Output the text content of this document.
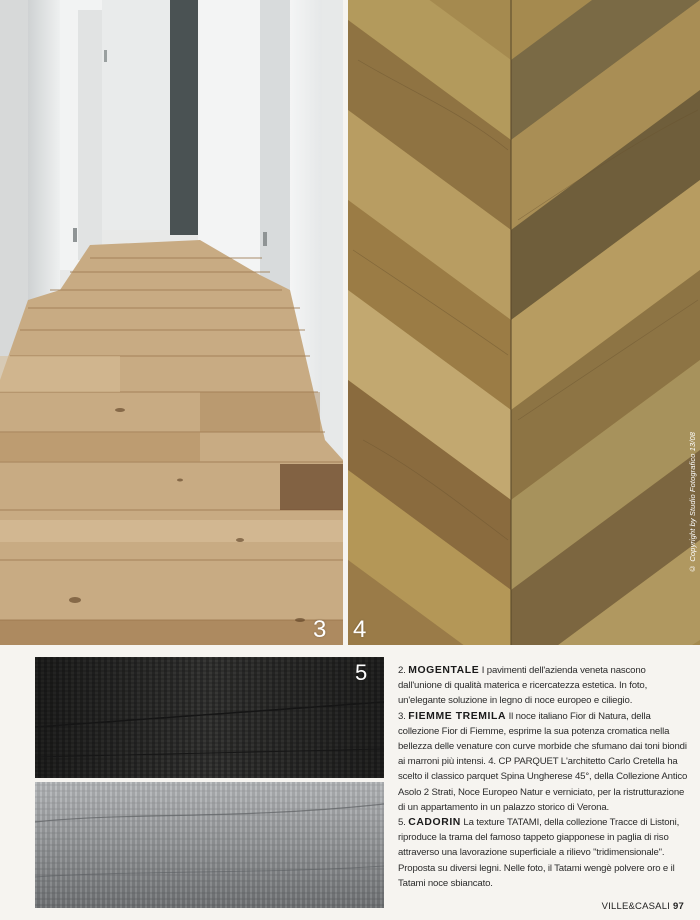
3 4
© Copyright by Studio Fotografico 13/08
5	2. MOGENTALE I pavimenti dell'azienda veneta nascono dall'unione di qualità materica e ricercatezza estetica. In foto, un'elegante soluzione in legno di noce europeo e ciliegio.

3. FIEMME TREMILA Il noce italiano Fior di Natura, della collezione Fior di Fiemme, esprime la sua potenza cromatica nella bellezza delle venature con curve morbide che sfumano dai toni biondi ai marroni più intensi. 4. CP PARQUET L'architetto Carlo Cretella ha scelto il classico parquet Spina Ungherese 45°, della Collezione Antico Asolo 2 Strati, Noce Europeo Natur e verniciato, per la ristrutturazione di un appartamento in un palazzo storico di Verona.

5. CADORIN La texture TATAMI, della collezione Tracce di Listoni, riproduce la trama del famoso tappeto giapponese in paglia di riso attraverso una lavorazione superficiale a rilievo "tridimensionale". Proposta su diversi legni. Nelle foto, il Tatami wengè polvere oro e il Tatami noce sbiancato.

VILLE&CASALI 97
